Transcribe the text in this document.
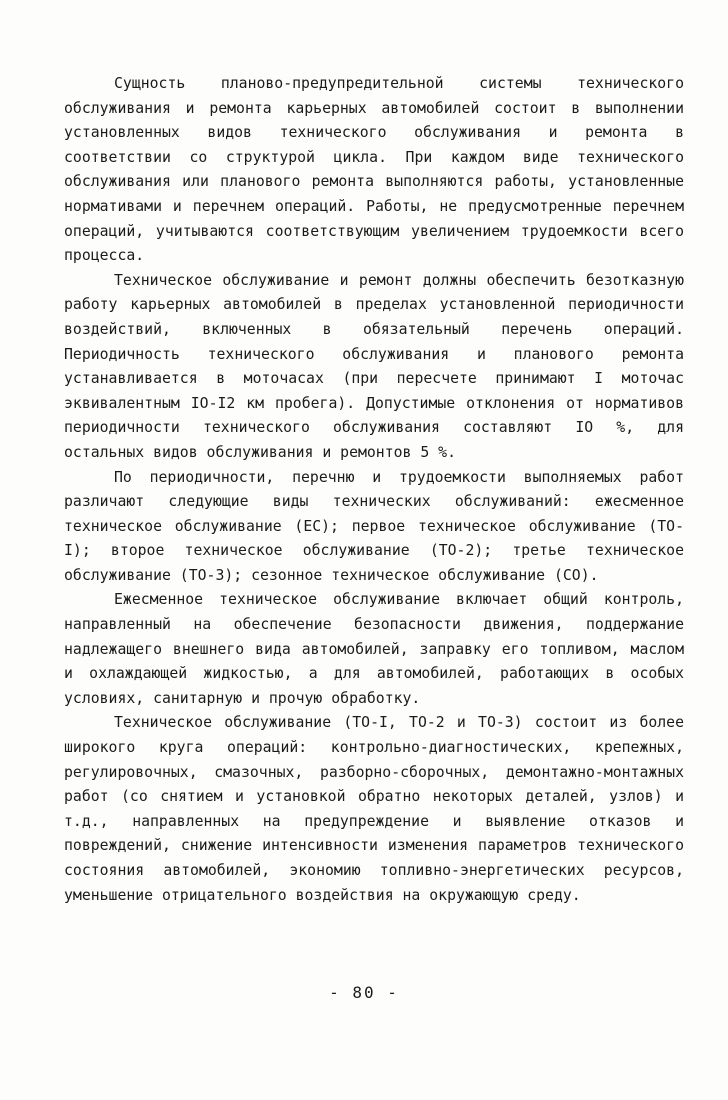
Сущность планово-предупредительной системы технического обслуживания и ремонта карьерных автомобилей состоит в выполнении установленных видов технического обслуживания и ремонта в соответствии со структурой цикла. При каждом виде технического обслуживания или планового ремонта выполняются работы, установленные нормативами и перечнем операций. Работы, не предусмотренные перечнем операций, учитываются соответствующим увеличением трудоемкости всего процесса.

Техническое обслуживание и ремонт должны обеспечить безотказную работу карьерных автомобилей в пределах установленной периодичности воздействий, включенных в обязательный перечень операций. Периодичность технического обслуживания и планового ремонта устанавливается в моточасах (при пересчете принимают I моточас эквивалентным IO-I2 км пробега). Допустимые отклонения от нормативов периодичности технического обслуживания составляют IO %, для остальных видов обслуживания и ремонтов 5 %.

По периодичности, перечню и трудоемкости выполняемых работ различают следующие виды технических обслуживаний: ежесменное техническое обслуживание (ЕС); первое техническое обслуживание (ТО-I); второе техническое обслуживание (ТО-2); третье техническое обслуживание (ТО-3); сезонное техническое обслуживание (СО).

Ежесменное техническое обслуживание включает общий контроль, направленный на обеспечение безопасности движения, поддержание надлежащего внешнего вида автомобилей, заправку его топливом, маслом и охлаждающей жидкостью, а для автомобилей, работающих в особых условиях, санитарную и прочую обработку.

Техническое обслуживание (ТО-I, ТО-2 и ТО-3) состоит из более широкого круга операций: контрольно-диагностических, крепежных, регулировочных, смазочных, разборно-сборочных, демонтажно-монтажных работ (со снятием и установкой обратно некоторых деталей, узлов) и т.д., направленных на предупреждение и выявление отказов и повреждений, снижение интенсивности изменения параметров технического состояния автомобилей, экономию топливно-энергетических ресурсов, уменьшение отрицательного воздействия на окружающую среду.

- 80 -
